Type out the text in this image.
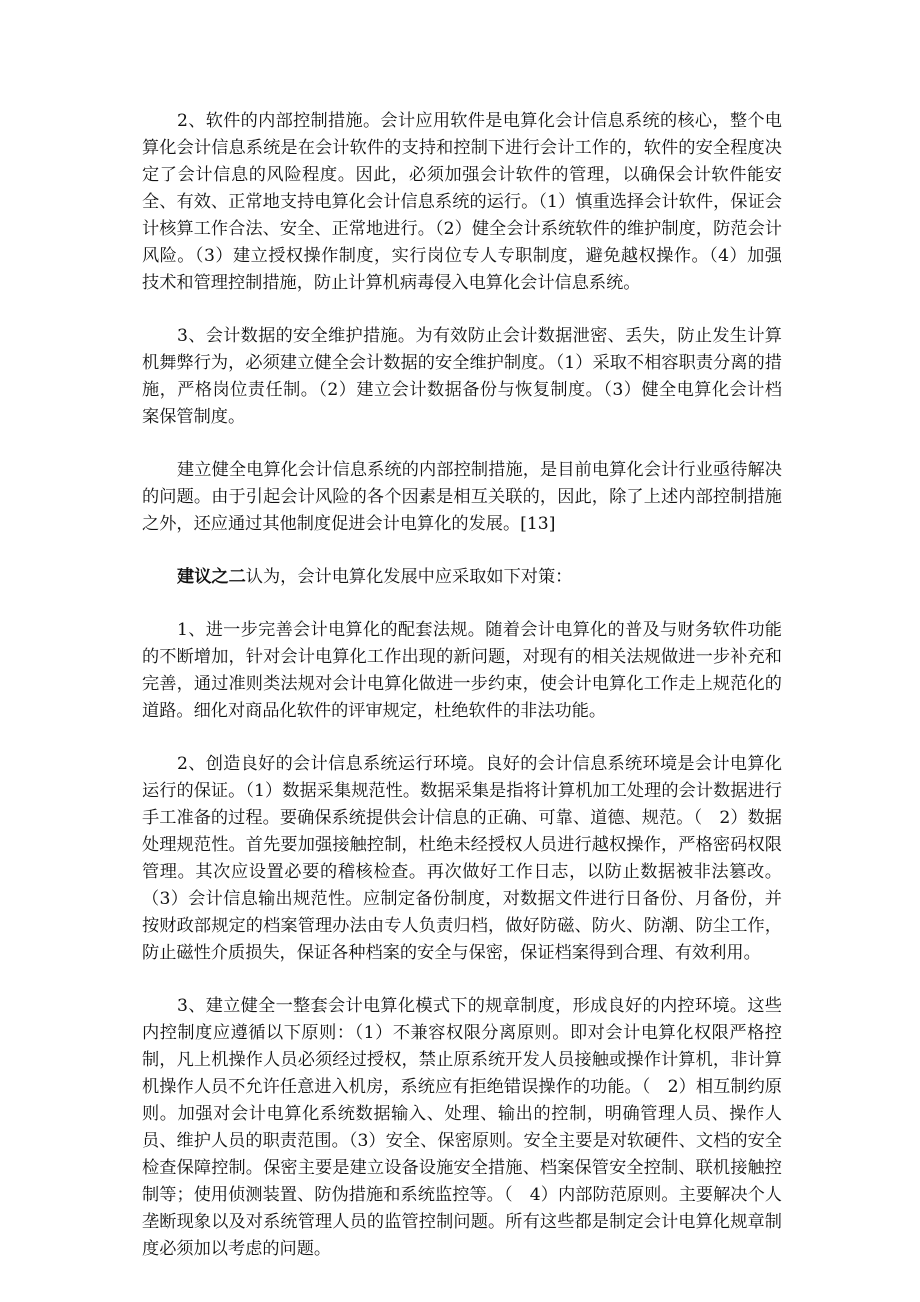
2、软件的内部控制措施。会计应用软件是电算化会计信息系统的核心，整个电算化会计信息系统是在会计软件的支持和控制下进行会计工作的，软件的安全程度决定了会计信息的风险程度。因此，必须加强会计软件的管理，以确保会计软件能安全、有效、正常地支持电算化会计信息系统的运行。（1）慎重选择会计软件，保证会计核算工作合法、安全、正常地进行。（2）健全会计系统软件的维护制度，防范会计风险。（3）建立授权操作制度，实行岗位专人专职制度，避免越权操作。（4）加强技术和管理控制措施，防止计算机病毒侵入电算化会计信息系统。

3、会计数据的安全维护措施。为有效防止会计数据泄密、丢失，防止发生计算机舞弊行为，必须建立健全会计数据的安全维护制度。（1）采取不相容职责分离的措施，严格岗位责任制。（2）建立会计数据备份与恢复制度。（3）健全电算化会计档案保管制度。

建立健全电算化会计信息系统的内部控制措施，是目前电算化会计行业亟待解决的问题。由于引起会计风险的各个因素是相互关联的，因此，除了上述内部控制措施之外，还应通过其他制度促进会计电算化的发展。[13]

建议之二认为，会计电算化发展中应采取如下对策：

1、进一步完善会计电算化的配套法规。随着会计电算化的普及与财务软件功能的不断增加，针对会计电算化工作出现的新问题，对现有的相关法规做进一步补充和完善，通过准则类法规对会计电算化做进一步约束，使会计电算化工作走上规范化的道路。细化对商品化软件的评审规定，杜绝软件的非法功能。

2、创造良好的会计信息系统运行环境。良好的会计信息系统环境是会计电算化运行的保证。（1）数据采集规范性。数据采集是指将计算机加工处理的会计数据进行手工准备的过程。要确保系统提供会计信息的正确、可靠、道德、规范。（　2）数据处理规范性。首先要加强接触控制，杜绝未经授权人员进行越权操作，严格密码权限管理。其次应设置必要的稽核检查。再次做好工作日志，以防止数据被非法篡改。（3）会计信息输出规范性。应制定备份制度，对数据文件进行日备份、月备份，并按财政部规定的档案管理办法由专人负责归档，做好防磁、防火、防潮、防尘工作，防止磁性介质损失，保证各种档案的安全与保密，保证档案得到合理、有效利用。

3、建立健全一整套会计电算化模式下的规章制度，形成良好的内控环境。这些内控制度应遵循以下原则：（1）不兼容权限分离原则。即对会计电算化权限严格控制，凡上机操作人员必须经过授权，禁止原系统开发人员接触或操作计算机，非计算机操作人员不允许任意进入机房，系统应有拒绝错误操作的功能。（　2）相互制约原则。加强对会计电算化系统数据输入、处理、输出的控制，明确管理人员、操作人员、维护人员的职责范围。（3）安全、保密原则。安全主要是对软硬件、文档的安全检查保障控制。保密主要是建立设备设施安全措施、档案保管安全控制、联机接触控制等；使用侦测装置、防伪措施和系统监控等。（　4）内部防范原则。主要解决个人垄断现象以及对系统管理人员的监管控制问题。所有这些都是制定会计电算化规章制度必须加以考虑的问题。
